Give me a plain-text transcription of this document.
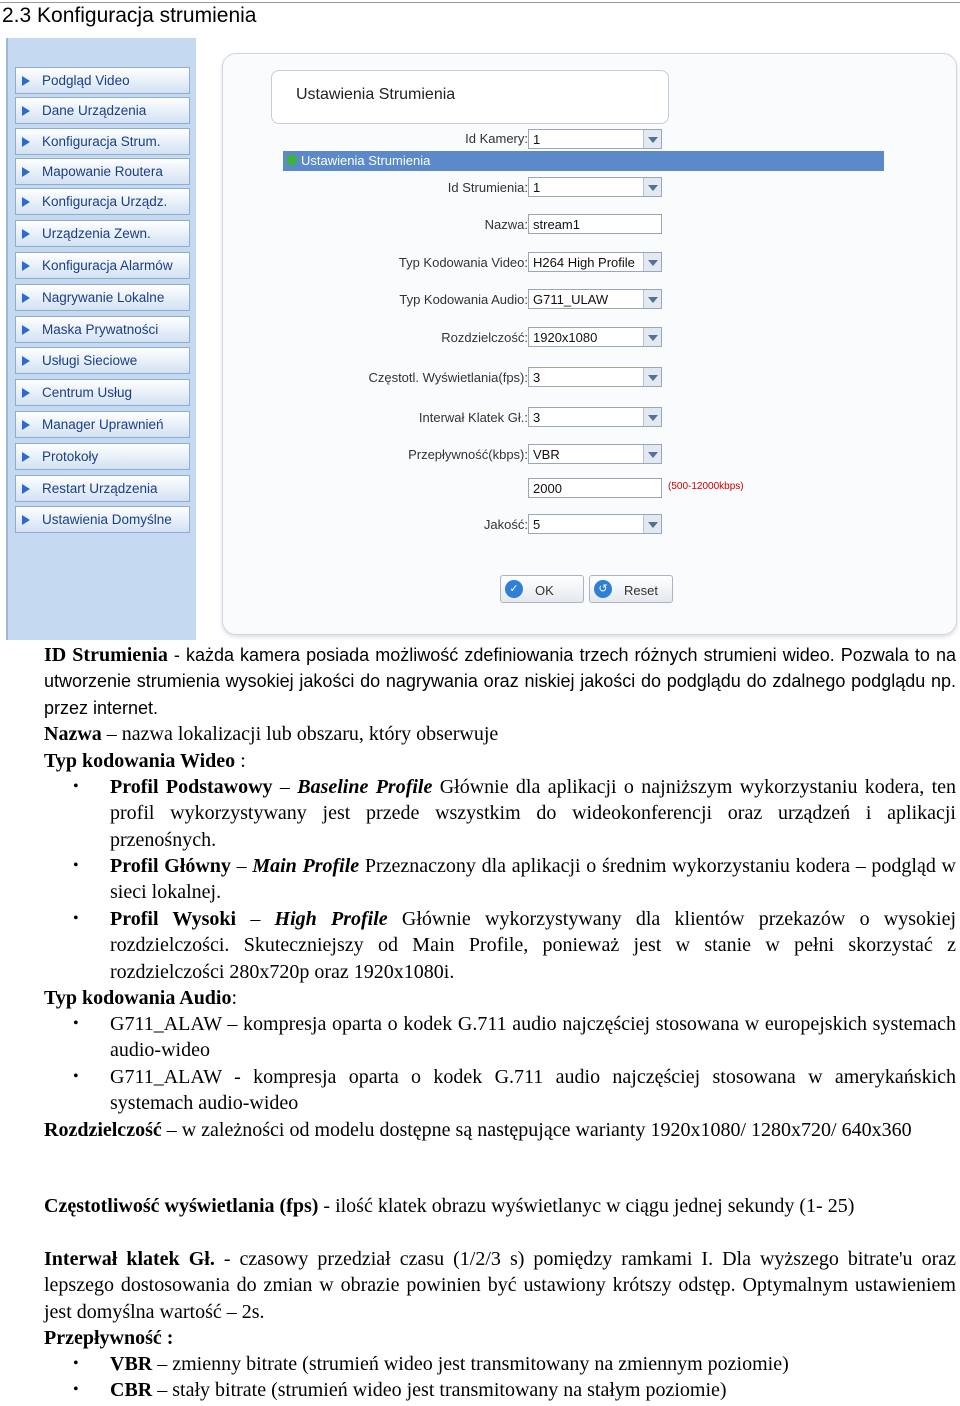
2.3 Konfiguracja strumienia
Podgląd Video
Dane Urządzenia
Konfiguracja Strum.
Mapowanie Routera
Konfiguracja Urządz.
Urządzenia Zewn.
Konfiguracja Alarmów
Nagrywanie Lokalne
Maska Prywatności
Usługi Sieciowe
Centrum Usług
Manager Uprawnień
Protokoły
Restart Urządzenia
Ustawienia Domyślne
Ustawienia Strumienia
Id Kamery: 1
Ustawienia Strumienia
Id Strumienia: 1
Nazwa: stream1
Typ Kodowania Video: H264 High Profile
Typ Kodowania Audio: G711_ULAW
Rozdzielczość: 1920x1080
Częstotl. Wyświetlania(fps): 3
Interwał Klatek Gł.: 3
Przepływność(kbps): VBR
2000	(500-12000kbps)
Jakość: 5
✓	OK	↺	Reset
ID Strumienia - każda kamera posiada możliwość zdefiniowania trzech różnych strumieni wideo. Pozwala to na utworzenie strumienia wysokiej jakości do nagrywania oraz niskiej jakości do podglądu do zdalnego podglądu np. przez internet.
Nazwa – nazwa lokalizacji lub obszaru, który obserwuje
Typ kodowania Wideo :
• Profil Podstawowy – Baseline Profile Głównie dla aplikacji o najniższym wykorzystaniu kodera, ten profil wykorzystywany jest przede wszystkim do wideokonferencji oraz urządzeń i aplikacji przenośnych.
• Profil Główny – Main Profile Przeznaczony dla aplikacji o średnim wykorzystaniu kodera – podgląd w sieci lokalnej.
• Profil Wysoki – High Profile Głównie wykorzystywany dla klientów przekazów o wysokiej rozdzielczości. Skuteczniejszy od Main Profile, ponieważ jest w stanie w pełni skorzystać z rozdzielczości 280x720p oraz 1920x1080i.
Typ kodowania Audio:
• G711_ALAW – kompresja oparta o kodek G.711 audio najczęściej stosowana w europejskich systemach audio-wideo
• G711_ALAW - kompresja oparta o kodek G.711 audio najczęściej stosowana w amerykańskich systemach audio-wideo
Rozdzielczość – w zależności od modelu dostępne są następujące warianty 1920x1080/ 1280x720/ 640x360
Częstotliwość wyświetlania (fps) - ilość klatek obrazu wyświetlanyc w ciągu jednej sekundy (1- 25)
Interwał klatek Gł. - czasowy przedział czasu (1/2/3 s) pomiędzy ramkami I. Dla wyższego bitrate'u oraz lepszego dostosowania do zmian w obrazie powinien być ustawiony krótszy odstęp. Optymalnym ustawieniem jest domyślna wartość – 2s.
Przepływność :
• VBR – zmienny bitrate (strumień wideo jest transmitowany na zmiennym poziomie)
• CBR – stały bitrate (strumień wideo jest transmitowany na stałym poziomie)
